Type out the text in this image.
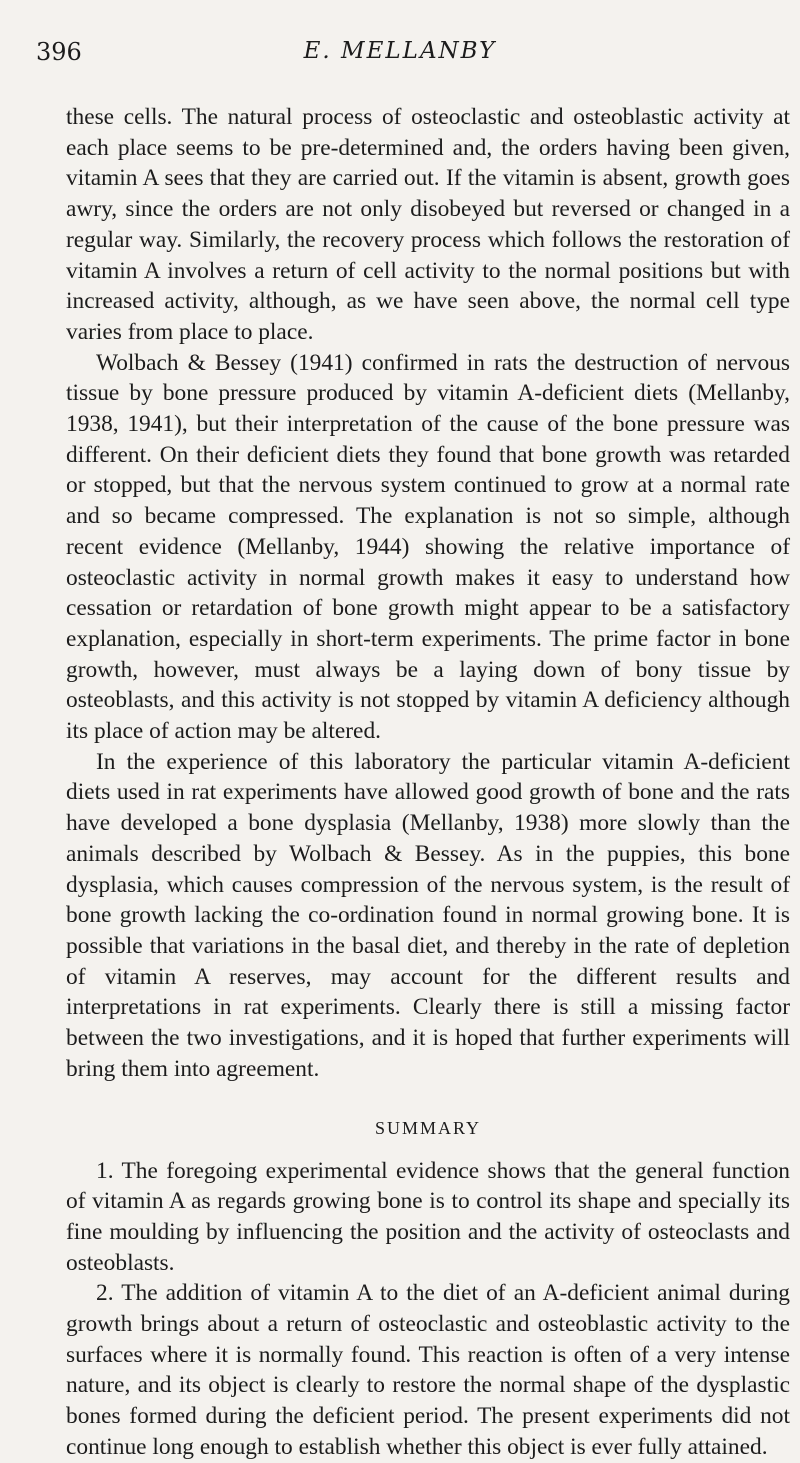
396	E. MELLANBY

these cells. The natural process of osteoclastic and osteoblastic activity at each place seems to be pre-determined and, the orders having been given, vitamin A sees that they are carried out. If the vitamin is absent, growth goes awry, since the orders are not only disobeyed but reversed or changed in a regular way. Similarly, the recovery process which follows the restoration of vitamin A involves a return of cell activity to the normal positions but with increased activity, although, as we have seen above, the normal cell type varies from place to place.

Wolbach & Bessey (1941) confirmed in rats the destruction of nervous tissue by bone pressure produced by vitamin A-deficient diets (Mellanby, 1938, 1941), but their interpretation of the cause of the bone pressure was different. On their deficient diets they found that bone growth was retarded or stopped, but that the nervous system continued to grow at a normal rate and so became compressed. The explanation is not so simple, although recent evidence (Mellanby, 1944) showing the relative importance of osteoclastic activity in normal growth makes it easy to understand how cessation or retardation of bone growth might appear to be a satisfactory explanation, especially in short-term experiments. The prime factor in bone growth, however, must always be a laying down of bony tissue by osteoblasts, and this activity is not stopped by vitamin A deficiency although its place of action may be altered.

In the experience of this laboratory the particular vitamin A-deficient diets used in rat experiments have allowed good growth of bone and the rats have developed a bone dysplasia (Mellanby, 1938) more slowly than the animals described by Wolbach & Bessey. As in the puppies, this bone dysplasia, which causes compression of the nervous system, is the result of bone growth lacking the co-ordination found in normal growing bone. It is possible that variations in the basal diet, and thereby in the rate of depletion of vitamin A reserves, may account for the different results and interpretations in rat experiments. Clearly there is still a missing factor between the two investigations, and it is hoped that further experiments will bring them into agreement.

SUMMARY

1. The foregoing experimental evidence shows that the general function of vitamin A as regards growing bone is to control its shape and specially its fine moulding by influencing the position and the activity of osteoclasts and osteoblasts.

2. The addition of vitamin A to the diet of an A-deficient animal during growth brings about a return of osteoclastic and osteoblastic activity to the surfaces where it is normally found. This reaction is often of a very intense nature, and its object is clearly to restore the normal shape of the dysplastic bones formed during the deficient period. The present experiments did not continue long enough to establish whether this object is ever fully attained.
